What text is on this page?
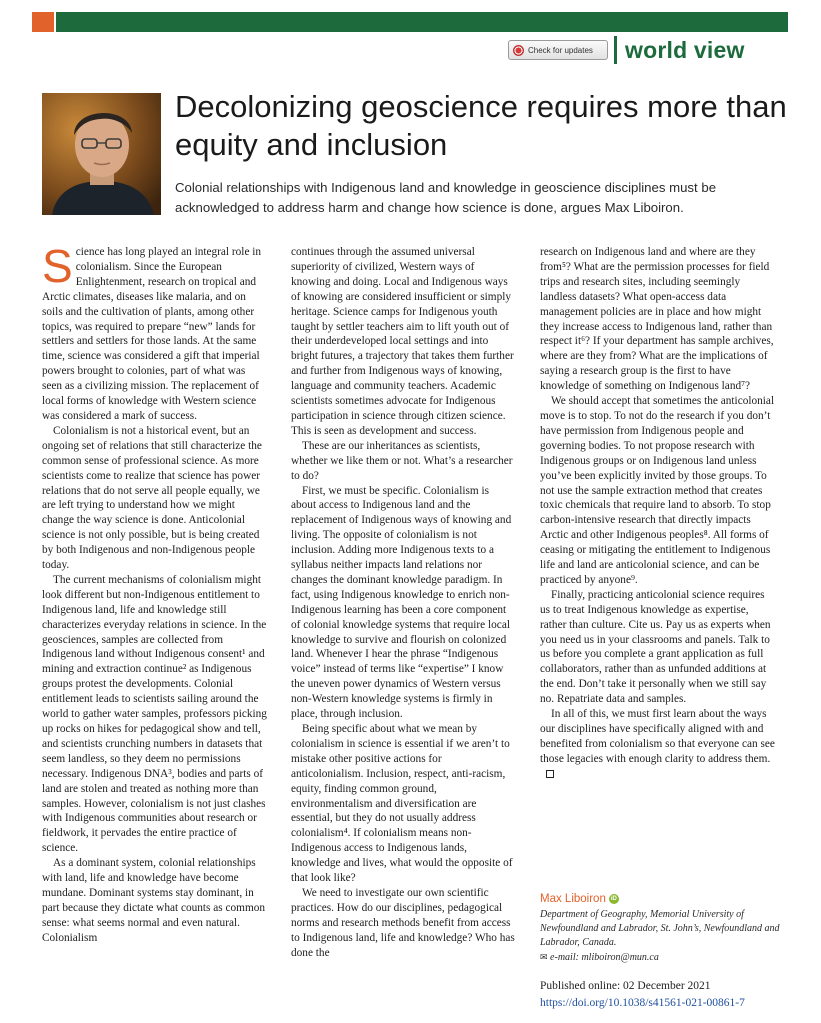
Check for updates	world view
Decolonizing geoscience requires more than equity and inclusion

Colonial relationships with Indigenous land and knowledge in geoscience disciplines must be acknowledged to address harm and change how science is done, argues Max Liboiron.

Science has long played an integral role in colonialism. Since the European Enlightenment, research on tropical and Arctic climates, diseases like malaria, and on soils and the cultivation of plants, among other topics, was required to prepare “new” lands for settlers and settlers for those lands. At the same time, science was considered a gift that imperial powers brought to colonies, part of what was seen as a civilizing mission. The replacement of local forms of knowledge with Western science was considered a mark of success.

Colonialism is not a historical event, but an ongoing set of relations that still characterize the common sense of professional science. As more scientists come to realize that science has power relations that do not serve all people equally, we are left trying to understand how we might change the way science is done. Anticolonial science is not only possible, but is being created by both Indigenous and non-Indigenous people today.

The current mechanisms of colonialism might look different but non-Indigenous entitlement to Indigenous land, life and knowledge still characterizes everyday relations in science. In the geosciences, samples are collected from Indigenous land without Indigenous consent¹ and mining and extraction continue² as Indigenous groups protest the developments. Colonial entitlement leads to scientists sailing around the world to gather water samples, professors picking up rocks on hikes for pedagogical show and tell, and scientists crunching numbers in datasets that seem landless, so they deem no permissions necessary. Indigenous DNA³, bodies and parts of land are stolen and treated as nothing more than samples. However, colonialism is not just clashes with Indigenous communities about research or fieldwork, it pervades the entire practice of science.

As a dominant system, colonial relationships with land, life and knowledge have become mundane. Dominant systems stay dominant, in part because they dictate what counts as common sense: what seems normal and even natural. Colonialism

continues through the assumed universal superiority of civilized, Western ways of knowing and doing. Local and Indigenous ways of knowing are considered insufficient or simply heritage. Science camps for Indigenous youth taught by settler teachers aim to lift youth out of their underdeveloped local settings and into bright futures, a trajectory that takes them further and further from Indigenous ways of knowing, language and community teachers. Academic scientists sometimes advocate for Indigenous participation in science through citizen science. This is seen as development and success.

These are our inheritances as scientists, whether we like them or not. What’s a researcher to do?

First, we must be specific. Colonialism is about access to Indigenous land and the replacement of Indigenous ways of knowing and living. The opposite of colonialism is not inclusion. Adding more Indigenous texts to a syllabus neither impacts land relations nor changes the dominant knowledge paradigm. In fact, using Indigenous knowledge to enrich non-Indigenous learning has been a core component of colonial knowledge systems that require local knowledge to survive and flourish on colonized land. Whenever I hear the phrase “Indigenous voice” instead of terms like “expertise” I know the uneven power dynamics of Western versus non-Western knowledge systems is firmly in place, through inclusion.

Being specific about what we mean by colonialism in science is essential if we aren’t to mistake other positive actions for anticolonialism. Inclusion, respect, anti-racism, equity, finding common ground, environmentalism and diversification are essential, but they do not usually address colonialism⁴. If colonialism means non-Indigenous access to Indigenous lands, knowledge and lives, what would the opposite of that look like?

We need to investigate our own scientific practices. How do our disciplines, pedagogical norms and research methods benefit from access to Indigenous land, life and knowledge? Who has done the

research on Indigenous land and where are they from⁵? What are the permission processes for field trips and research sites, including seemingly landless datasets? What open-access data management policies are in place and how might they increase access to Indigenous land, rather than respect it⁶? If your department has sample archives, where are they from? What are the implications of saying a research group is the first to have knowledge of something on Indigenous land⁷?

We should accept that sometimes the anticolonial move is to stop. To not do the research if you don’t have permission from Indigenous people and governing bodies. To not propose research with Indigenous groups or on Indigenous land unless you’ve been explicitly invited by those groups. To not use the sample extraction method that creates toxic chemicals that require land to absorb. To stop carbon-intensive research that directly impacts Arctic and other Indigenous peoples⁸. All forms of ceasing or mitigating the entitlement to Indigenous life and land are anticolonial science, and can be practiced by anyone⁹.

Finally, practicing anticolonial science requires us to treat Indigenous knowledge as expertise, rather than culture. Cite us. Pay us as experts when you need us in your classrooms and panels. Talk to us before you complete a grant application as full collaborators, rather than as unfunded additions at the end. Don’t take it personally when we still say no. Repatriate data and samples.

In all of this, we must first learn about the ways our disciplines have specifically aligned with and benefited from colonialism so that everyone can see those legacies with enough clarity to address them.

Max Liboiron iD

Department of Geography, Memorial University of Newfoundland and Labrador, St. John’s, Newfoundland and Labrador, Canada.

✉ e-mail: mliboiron@mun.ca

Published online: 02 December 2021
https://doi.org/10.1038/s41561-021-00861-7
